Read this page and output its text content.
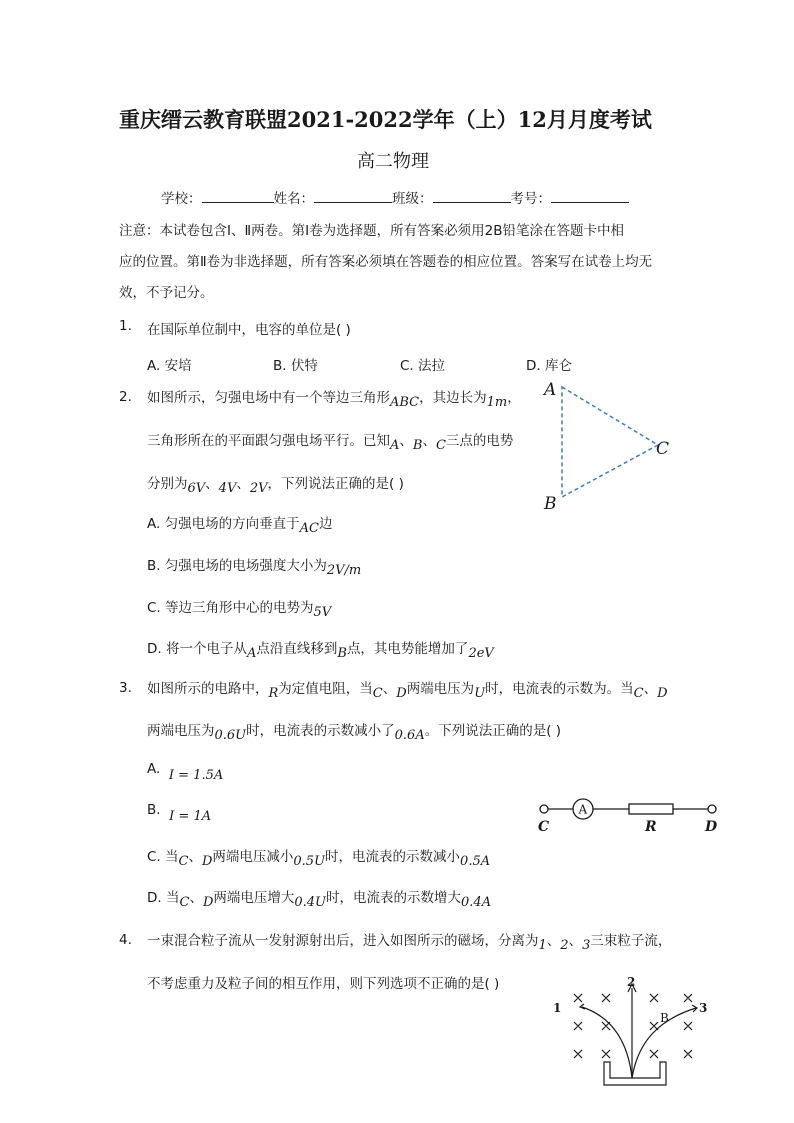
重庆缙云教育联盟2021-2022学年（上）12月月度考试
高二物理
学校：	姓名：	班级：	考号：
注意：本试卷包含Ⅰ、Ⅱ两卷。第Ⅰ卷为选择题，所有答案必须用2B铅笔涂在答题卡中相
应的位置。第Ⅱ卷为非选择题，所有答案必须填在答题卷的相应位置。答案写在试卷上均无
效，不予记分。
1. 在国际单位制中，电容的单位是( )
A. 安培	B. 伏特	C. 法拉	D. 库仑
2. 如图所示，匀强电场中有一个等边三角形ABC，其边长为1m，
三角形所在的平面跟匀强电场平行。已知A、B、C三点的电势
分别为6V、4V、2V，下列说法正确的是( )
A. 匀强电场的方向垂直于AC边
B. 匀强电场的电场强度大小为2V/m
C. 等边三角形中心的电势为5V
D. 将一个电子从A点沿直线移到B点，其电势能增加了2eV
A
C
B
3. 如图所示的电路中，R为定值电阻，当C、D两端电压为U时，电流表的示数为。当C、D
两端电压为0.6U时，电流表的示数减小了0.6A。下列说法正确的是( )
A. I = 1.5A
B. I = 1A
C. 当C、D两端电压减小0.5U时，电流表的示数减小0.5A
D. 当C、D两端电压增大0.4U时，电流表的示数增大0.4A
A
C	R	D
4. 一束混合粒子流从一发射源射出后，进入如图所示的磁场，分离为1、2、3三束粒子流，
不考虑重力及粒子间的相互作用，则下列选项不正确的是( )
1
2
3
B
